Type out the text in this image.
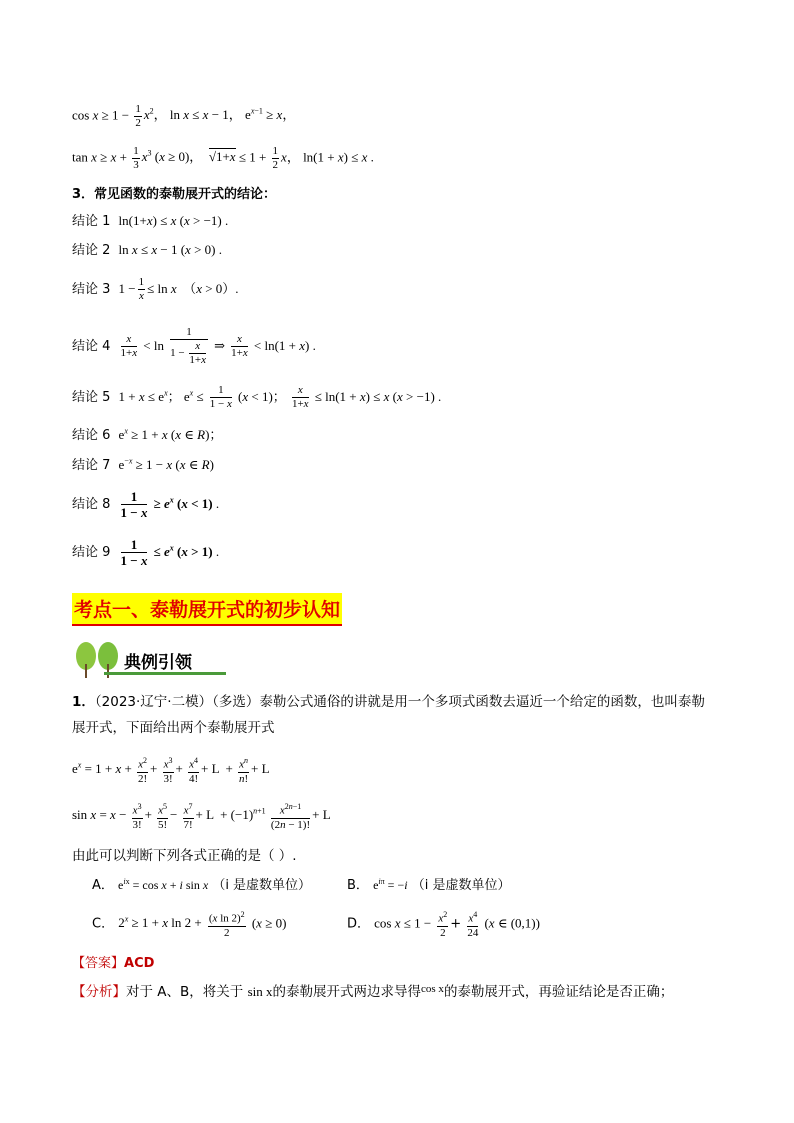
$\cos x \ge 1 - \frac{1}{2} x^2$， ln x ≤ x − 1， $e^{x-1} \ge x$，
$\tan x \ge x + \frac{1}{3} x^3$ (x ≥ 0)，  $√1+x \le 1 + \frac{1}{2}$ x， ln(1 + x) ≤ x .
3．常见函数的泰勒展开式的结论：
结论 1 ln(1+x) ≤ x (x > −1) .
结论 2 ln x ≤ x − 1 (x > 0) .
结论 3 $1 - \frac{1}{x} \le \ln x$  （x > 0）.
结论 $4 \frac{x}{1+x} < \ln \frac{1}{1 - \frac{x}{1+x}}$ ⇒ $\frac{x}{1+x} < \ln(1 + x)$ .
结论 5 $1 + x \le e^x$； $e^x \le \frac{1}{1 - x} (x < 1)$； $\frac{x}{1+x} \le \ln(1 + x) \le x$ (x > −1) .
结论 6 $e^x \ge 1 + x$ (x ∈ R)；
结论 7 $e^{-x} \ge 1 - x$ (x ∈ R)
结论 $8 \frac{1}{1 - x} \ge e^x$ (x < 1) .
结论 $9 \frac{1}{1 - x} \le e^x$ (x > 1) .
考点一、泰勒展开式的初步认知
典例引领
1．（2023·辽宁·二模）（多选）泰勒公式通俗的讲就是用一个多项式函数去逼近一个给定的函数，也叫泰勒
展开式，下面给出两个泰勒展开式
$e^x = 1 + x + \frac{x^2}{2!} + \frac{x^3}{3!} + \frac{x^4}{4!} + L + \frac{x^n}{n!} + L$
$\sin x = x - \frac{x^3}{3!} + \frac{x^5}{5!} - \frac{x^7}{7!} + L + (-1)^{n+1} \frac{x^{2n-1}}{(2n - 1)!} + L$
由此可以判断下列各式正确的是（ ）.
A． $e^{ix} = \cos x + i$ sin x （i 是虚数单位）	B． $e^{i\pi} = -i$ （i 是虚数单位）
C． $2^x \ge 1 + x$ $\ln 2 + \frac{(x \ln 2)^2}{2} (x \ge 0)$	D． $\cos x \le 1 - \frac{x^2}{2} + \frac{x^4}{24} (x$ ∈ (0,1))
【答案】ACD
【分析】对于 A、B，将关于 sin x的泰勒展开式两边求导得$^{cos x}$的泰勒展开式，再验证结论是否正确；
